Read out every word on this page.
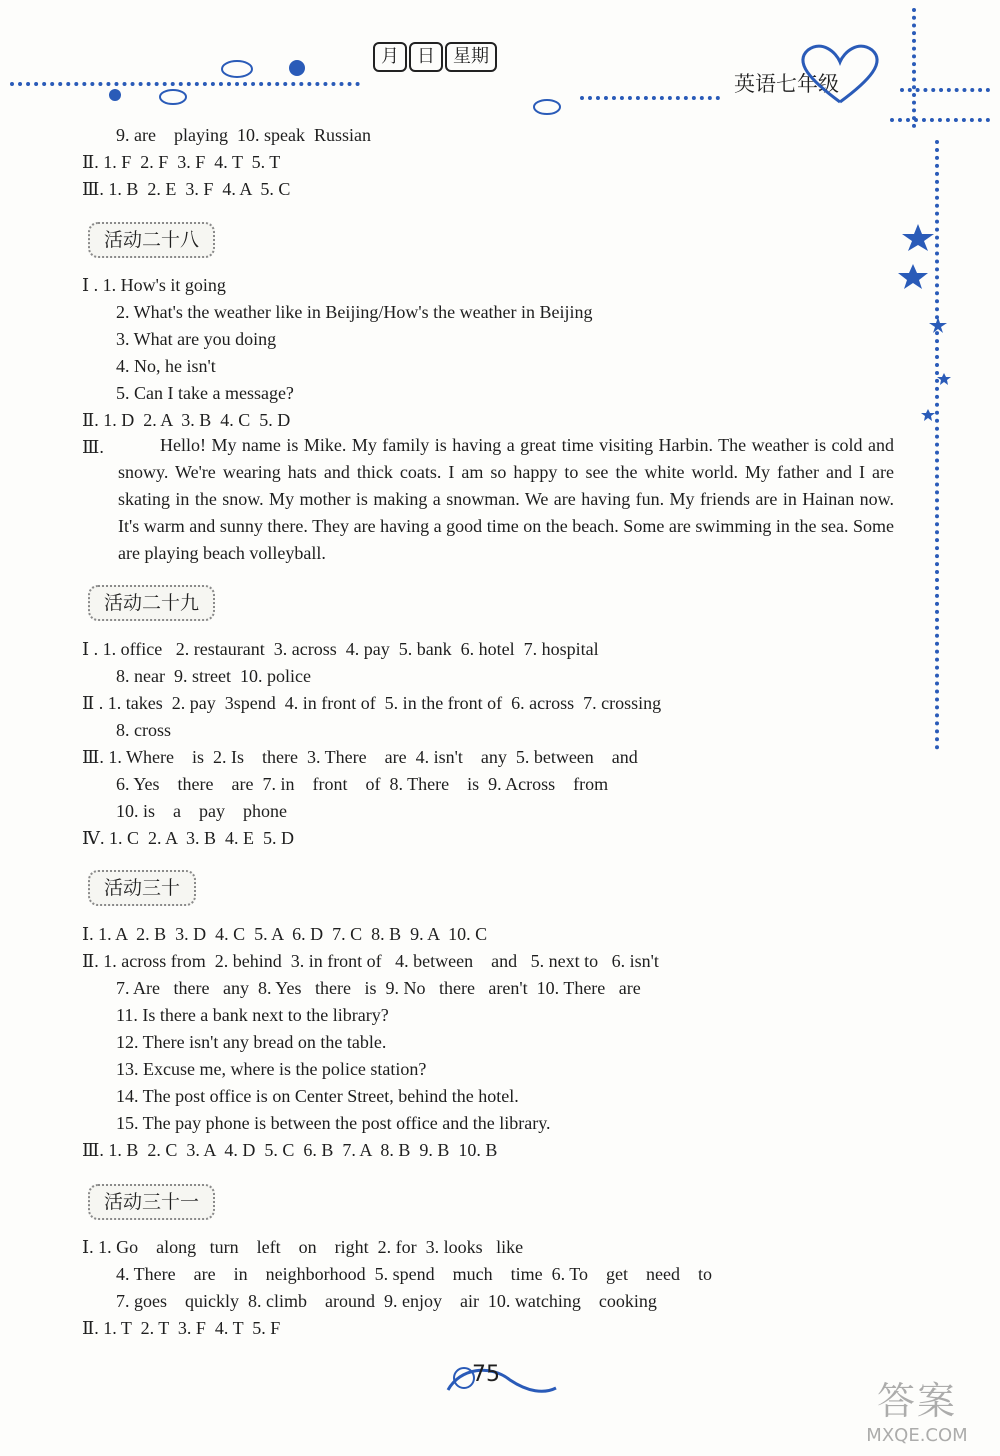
月 日 星期
英语七年级
9. are    playing  10. speak  Russian
Ⅱ. 1. F  2. F  3. F  4. T  5. T
Ⅲ. 1. B  2. E  3. F  4. A  5. C
Ⅰ . 1. How's it going
2. What's the weather like in Beijing/How's the weather in Beijing
3. What are you doing
4. No, he isn't
5. Can I take a message?
Ⅱ. 1. D  2. A  3. B  4. C  5. D
Ⅲ.
Ⅰ . 1. office   2. restaurant  3. across  4. pay  5. bank  6. hotel  7. hospital
8. near  9. street  10. police
Ⅱ . 1. takes  2. pay  3spend  4. in front of  5. in the front of  6. across  7. crossing
8. cross
Ⅲ. 1. Where    is  2. Is    there  3. There    are  4. isn't    any  5. between    and
6. Yes    there    are  7. in    front    of  8. There    is  9. Across    from
10. is    a    pay    phone
Ⅳ. 1. C  2. A  3. B  4. E  5. D
Ⅰ. 1. A  2. B  3. D  4. C  5. A  6. D  7. C  8. B  9. A  10. C
Ⅱ. 1. across from  2. behind  3. in front of   4. between    and   5. next to   6. isn't
7. Are   there   any  8. Yes   there   is  9. No   there   aren't  10. There   are
11. Is there a bank next to the library?
12. There isn't any bread on the table.
13. Excuse me, where is the police station?
14. The post office is on Center Street, behind the hotel.
15. The pay phone is between the post office and the library.
Ⅲ. 1. B  2. C  3. A  4. D  5. C  6. B  7. A  8. B  9. B  10. B
Ⅰ. 1. Go    along   turn    left    on    right  2. for  3. looks   like
4. There    are    in    neighborhood  5. spend    much    time  6. To    get    need    to
7. goes    quickly  8. climb    around  9. enjoy    air  10. watching    cooking
Ⅱ. 1. T  2. T  3. F  4. T  5. F
活动二十八
活动二十九
活动三十
活动三十一
Hello! My name is Mike. My family is having a great time visiting Harbin. The weather is cold and snowy. We're wearing hats and thick coats. I am so happy to see the white world. My father and I are skating in the snow. My mother is making a snowman. We are having fun. My friends are in Hainan now. It's warm and sunny there. They are having a good time on the beach. Some are swimming in the sea. Some are playing beach volleyball.
75
答案
MXQE.COM
